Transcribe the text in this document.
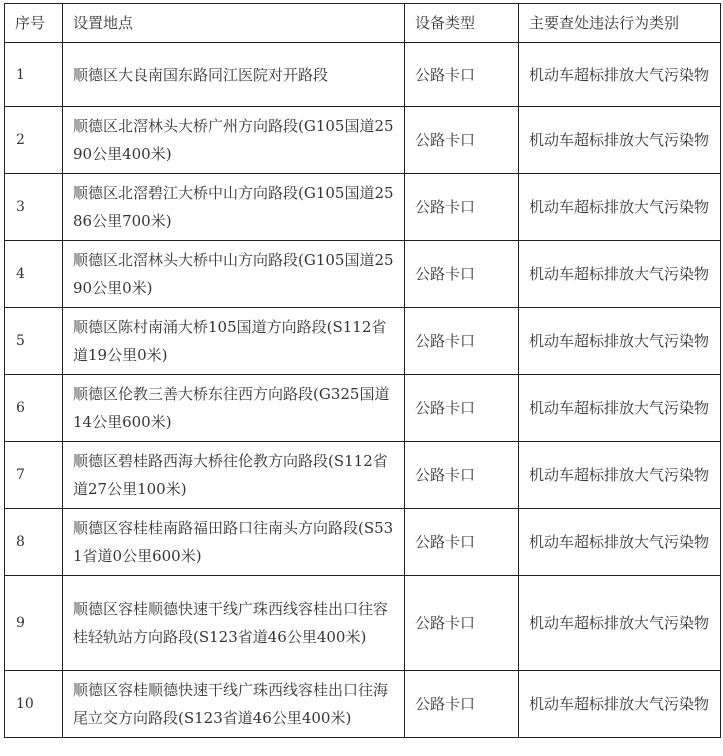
序号	设置地点	设备类型	主要查处违法行为类别
1	顺德区大良南国东路同江医院对开路段	公路卡口	机动车超标排放大气污染物
2	顺德区北滘林头大桥广州方向路段(G105国道2590公里400米)	公路卡口	机动车超标排放大气污染物
3	顺德区北滘碧江大桥中山方向路段(G105国道2586公里700米)	公路卡口	机动车超标排放大气污染物
4	顺德区北滘林头大桥中山方向路段(G105国道2590公里0米)	公路卡口	机动车超标排放大气污染物
5	顺德区陈村南涌大桥105国道方向路段(S112省道19公里0米)	公路卡口	机动车超标排放大气污染物
6	顺德区伦教三善大桥东往西方向路段(G325国道14公里600米)	公路卡口	机动车超标排放大气污染物
7	顺德区碧桂路西海大桥往伦教方向路段(S112省道27公里100米)	公路卡口	机动车超标排放大气污染物
8	顺德区容桂桂南路福田路口往南头方向路段(S531省道0公里600米)	公路卡口	机动车超标排放大气污染物
9	顺德区容桂顺德快速干线广珠西线容桂出口往容桂轻轨站方向路段(S123省道46公里400米)	公路卡口	机动车超标排放大气污染物
10	顺德区容桂顺德快速干线广珠西线容桂出口往海尾立交方向路段(S123省道46公里400米)	公路卡口	机动车超标排放大气污染物
